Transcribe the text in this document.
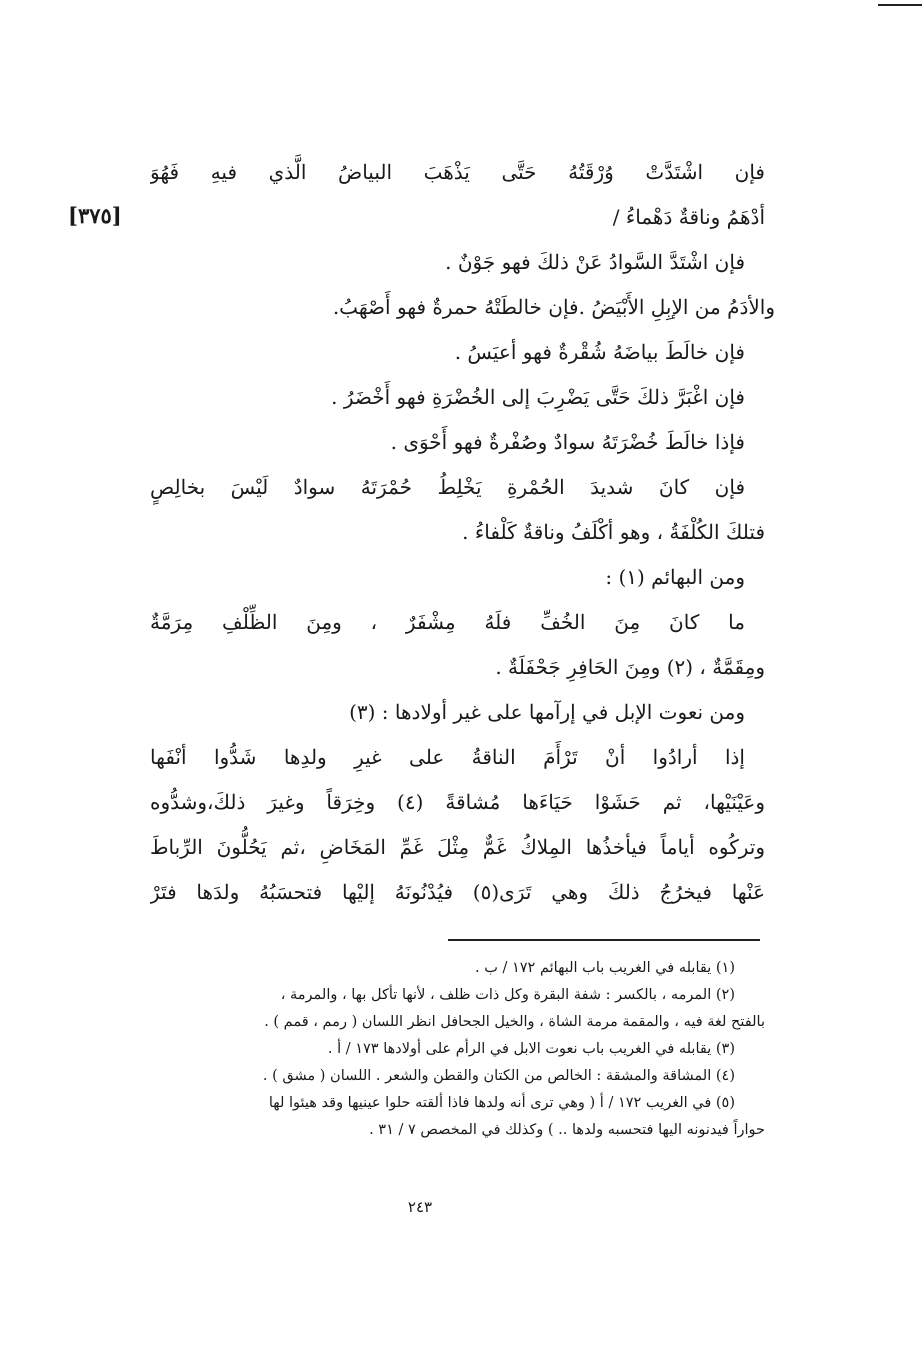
[٣٧٥]
فإن اشْتَدَّتْ وُرْقَتُهُ حَتَّى يَذْهَبَ البياضُ الَّذي فيهِ فَهُوَ
أدْهَمُ وناقةٌ دَهْماءُ /
فإن اشْتَدَّ السَّوادُ عَنْ ذلكَ فهو جَوْنٌ .
والأدَمُ من الإبِلِ الأَبْيَضُ .فإن خالطَتْهُ حمرةٌ فهو أَصْهَبُ.
فإن خالَطَ بياضَهُ شُقْرةٌ فهو أعيَسُ .
فإن اغْبَرَّ ذلكَ حَتَّى يَضْرِبَ إلى الخُضْرَةِ فهو أَخْضَرُ .
فإذا خالَطَ خُضْرَتَهُ سوادٌ وصُفْرةٌ فهو أَحْوَى .
فإن كانَ شديدَ الحُمْرةِ يَخْلِطُ حُمْرَتَهُ سوادٌ لَيْسَ بخالِصٍ
فتلكَ الكُلْفَةُ ، وهو أكْلَفُ وناقةٌ كَلْفاءُ .
ومن البهائم (١) :
ما كانَ مِنَ الخُفِّ فلَهُ مِشْفَرٌ ، ومِنَ الظِّلْفِ مِرَمَّةٌ
ومِقَمَّةٌ ، (٢) ومِنَ الحَافِرِ جَحْفَلَةٌ .
ومن نعوت الإبل في إرآمها على غير أولادها : (٣)
إذا أرادُوا أنْ تَرْأَمَ الناقةُ على غيرِ ولدِها شَدُّوا أنْفَها
وعَيْنَيْها، ثم حَشَوْا حَيَاءَها مُشاقةً (٤) وخِرَقاً وغيرَ ذلكَ،وشدُّوه
وتركُوه أياماً فيأخذُها المِلاكُ غَمٌّ مِثْلَ غَمِّ المَخَاضِ ،ثم يَحُلُّونَ الرِّباطَ
عَنْها فيخرُجُ ذلكَ وهي تَرَى(٥) فيُدْنُونَهُ إليْها فتحسَبُهُ ولدَها فتَرْ
(١) يقابله في الغريب باب البهائم ١٧٢ / ب .
(٢) المرمه ، بالكسر : شفة البقرة وكل ذات ظلف ، لأنها تأكل بها ، والمرمة ،
بالفتح لغة فيه ، والمقمة مرمة الشاة ، والخيل الجحافل انظر اللسان ( رمم ، قمم ) .
(٣) يقابله في الغريب باب نعوت الابل في الرأم على أولادها ١٧٣ / أ .
(٤) المشاقة والمشقة : الخالص من الكتان والقطن والشعر . اللسان ( مشق ) .
(٥) في الغريب ١٧٢ / أ ( وهي ترى أنه ولدها فاذا ألقته حلوا عينيها وقد هيئوا لها
حواراً فيدنونه اليها فتحسبه ولدها .. ) وكذلك في المخصص ٧ / ٣١ .
٢٤٣
